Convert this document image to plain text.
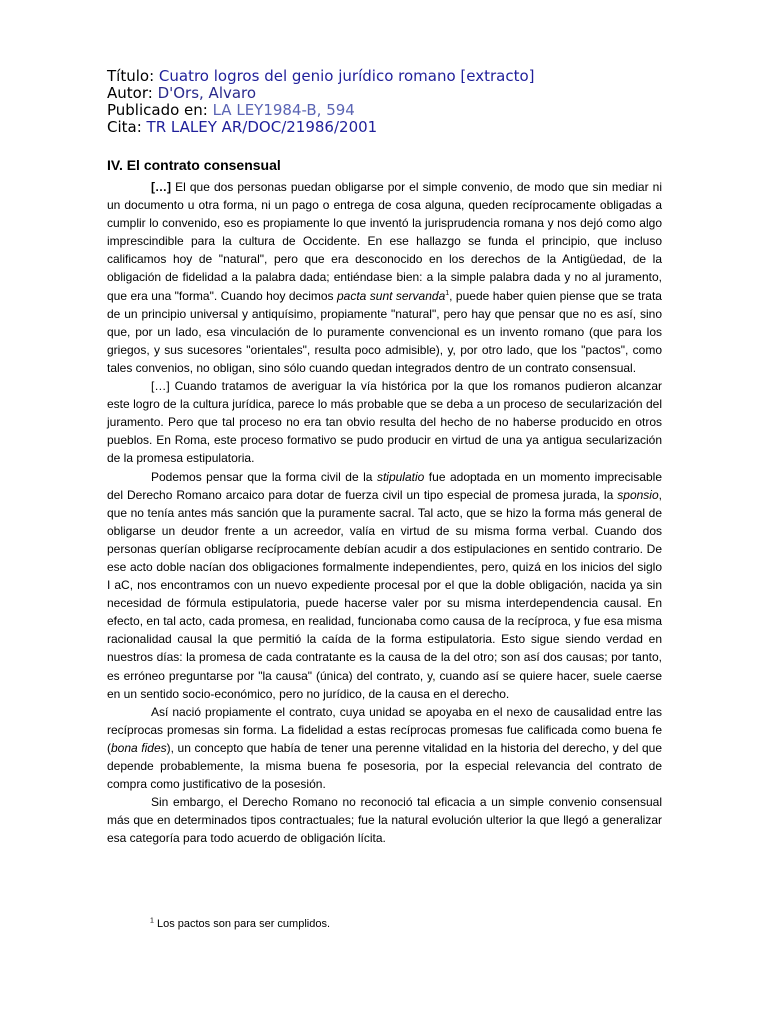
Título: Cuatro logros del genio jurídico romano [extracto]
Autor: D'Ors, Alvaro
Publicado en: LA LEY1984-B, 594
Cita: TR LALEY AR/DOC/21986/2001
IV. El contrato consensual

[…] El que dos personas puedan obligarse por el simple convenio, de modo que sin mediar ni un documento u otra forma, ni un pago o entrega de cosa alguna, queden recíprocamente obligadas a cumplir lo convenido, eso es propiamente lo que inventó la jurisprudencia romana y nos dejó como algo imprescindible para la cultura de Occidente. En ese hallazgo se funda el principio, que incluso calificamos hoy de "natural", pero que era desconocido en los derechos de la Antigüedad, de la obligación de fidelidad a la palabra dada; entiéndase bien: a la simple palabra dada y no al juramento, que era una "forma". Cuando hoy decimos pacta sunt servanda$^1$, puede haber quien piense que se trata de un principio universal y antiquísimo, propiamente "natural", pero hay que pensar que no es así, sino que, por un lado, esa vinculación de lo puramente convencional es un invento romano (que para los griegos, y sus sucesores "orientales", resulta poco admisible), y, por otro lado, que los "pactos", como tales convenios, no obligan, sino sólo cuando quedan integrados dentro de un contrato consensual.

[…] Cuando tratamos de averiguar la vía histórica por la que los romanos pudieron alcanzar este logro de la cultura jurídica, parece lo más probable que se deba a un proceso de secularización del juramento. Pero que tal proceso no era tan obvio resulta del hecho de no haberse producido en otros pueblos. En Roma, este proceso formativo se pudo producir en virtud de una ya antigua secularización de la promesa estipulatoria.

Podemos pensar que la forma civil de la stipulatio fue adoptada en un momento imprecisable del Derecho Romano arcaico para dotar de fuerza civil un tipo especial de promesa jurada, la sponsio, que no tenía antes más sanción que la puramente sacral. Tal acto, que se hizo la forma más general de obligarse un deudor frente a un acreedor, valía en virtud de su misma forma verbal. Cuando dos personas querían obligarse recíprocamente debían acudir a dos estipulaciones en sentido contrario. De ese acto doble nacían dos obligaciones formalmente independientes, pero, quizá en los inicios del siglo I aC, nos encontramos con un nuevo expediente procesal por el que la doble obligación, nacida ya sin necesidad de fórmula estipulatoria, puede hacerse valer por su misma interdependencia causal. En efecto, en tal acto, cada promesa, en realidad, funcionaba como causa de la recíproca, y fue esa misma racionalidad causal la que permitió la caída de la forma estipulatoria. Esto sigue siendo verdad en nuestros días: la promesa de cada contratante es la causa de la del otro; son así dos causas; por tanto, es erróneo preguntarse por "la causa" (única) del contrato, y, cuando así se quiere hacer, suele caerse en un sentido socio-económico, pero no jurídico, de la causa en el derecho.

Así nació propiamente el contrato, cuya unidad se apoyaba en el nexo de causalidad entre las recíprocas promesas sin forma. La fidelidad a estas recíprocas promesas fue calificada como buena fe (bona fides), un concepto que había de tener una perenne vitalidad en la historia del derecho, y del que depende probablemente, la misma buena fe posesoria, por la especial relevancia del contrato de compra como justificativo de la posesión.

Sin embargo, el Derecho Romano no reconoció tal eficacia a un simple convenio consensual más que en determinados tipos contractuales; fue la natural evolución ulterior la que llegó a generalizar esa categoría para todo acuerdo de obligación lícita.

$^1$ Los pactos son para ser cumplidos.
